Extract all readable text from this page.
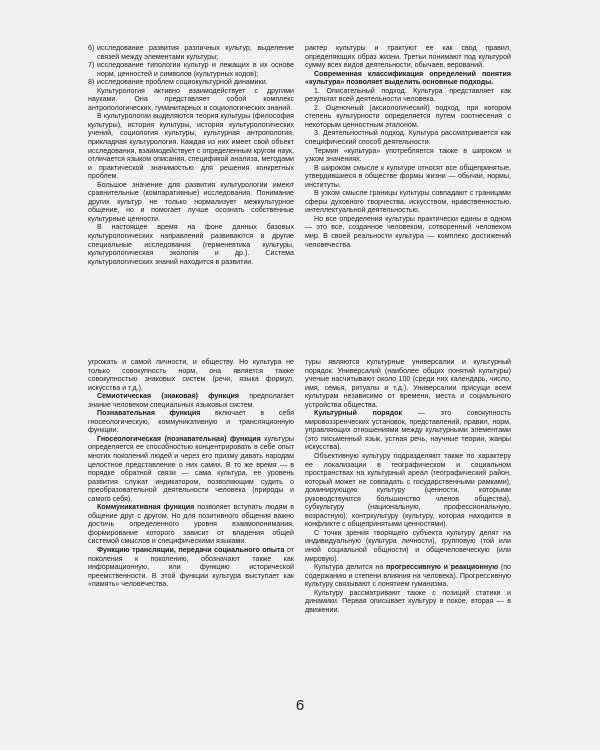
6) исследование развития различных культур, выделение связей между элементами культуры;
7) исследование типологии культур и лежащих в их основе норм, ценностей и символов (культурных кодов);
8) исследование проблем социокультурной динамики.

Культурология активно взаимодействует с другими науками. Она представляет собой комплекс антропологических, гуманитарных и социологических знаний.

В культурологии выделяются теория культуры (философия культуры), история культуры, история культурологических учений, социология культуры, культурная антропология, прикладная культурология. Каждая из них имеет свой объект исследования, взаимодействует с определенным кругом наук, отличается языком описания, спецификой анализа, методами и практической значимостью для решения конкретных проблем.

Большое значение для развития культурологии имеют сравнительные (компаративные) исследования. Понимание других культур не только нормализует межкультурное общение, но и помогает лучше осознать собственные культурные ценности.

В настоящее время на фоне данных базовых культурологических направлений развиваются и другие специальные исследования (герменевтика культуры, культурологическая экология и др.). Система культурологических знаний находится в развитии.

рактер культуры и трактуют ее как свод правил, определяющих образ жизни. Третьи понимают под культурой сумму всех видов деятельности, обычаев, верований.

Современная классификация определений понятия «культура» позволяет выделить основные подходы.

1. Описательный подход. Культура представляет как результат всей деятельности человека.

2. Оценочный (аксиологический) подход, при котором степень культурности определяется путем соотнесения с некоторым ценностным эталоном.

3. Деятельностный подход. Культура рассматривается как специфический способ деятельности.

Термин «культура» употребляется также в широком и узком значениях.

В широком смысле к культуре относят все общепринятые, утвердившиеся в обществе формы жизни — обычаи, нормы, институты.

В узком смысле границы культуры совпадают с границами сферы духовного творчества, искусством, нравственностью, интеллектуальной деятельностью.

Но все определения культуры практически едины в одном — это все, созданное человеком, сотворенный человеком мир. В своей реальности культура — комплекс достижений человечества.

угрожать и самой личности, и обществу. Но культура не только совокупность норм, она является также совокупностью знаковых систем (речи, языка формул, искусства и т.д.).

Семиотическая (знаковая) функция предполагает знание человеком специальных языковых систем.

Познавательная функция включает в себя гносеологическую, коммуникативную и трансляционную функции.

Гносеологическая (познавательная) функция культуры определяется ее способностью концентрировать в себе опыт многих поколений людей и через его призму давать народам целостное представление о них самих. В то же время — в порядке обратной связи — сама культура, ее уровень развития служат индикатором, позволяющим судить о преобразовательной деятельности человека (природы и самого себя).

Коммуникативная функция позволяет вступать людям в общение друг с другом. Но для позитивного общения важно достичь определенного уровня взаимопонимания, формирование которого зависит от владения общей системой смыслов и специфическими языками.

Функцию трансляции, передачи социального опыта от поколения к поколению, обозначают также как информационную, или функцию исторической преемственности. В этой функции культура выступает как «память» человечества.

туры являются культурные универсалии и культурный порядок. Универсалий (наиболее общих понятий культуры) ученые насчитывают около 100 (среди них календарь, число, имя, семья, ритуалы и т.д.). Универсалии присущи всем культурам независимо от времени, места и социального устройства общества.

Культурный порядок — это совокупность мировоззренческих установок, представлений, правил, норм, управляющих отношениями между культурными элементами (это письменный язык, устная речь, научные теории, жанры искусства).

Объективную культуру подразделяют также по характеру ее локализации в географическом и социальном пространствах на культурный ареал (географический район, который может не совпадать с государственными рамками), доминирующую культуру (ценности, которыми руководствуются большинство членов общества), субкультуру (национальную, профессиональную, возрастную), контркультуру (культуру, которая находится в конфликте с общепринятыми ценностями).

С точки зрения творящего субъекта культуру делят на индивидуальную (культура личности), групповую (той или иной социальной общности) и общечеловеческую (или мировую).

Культура делится на прогрессивную и реакционную (по содержанию и степени влияния на человека). Прогрессивную культуру связывают с понятием гуманизма.

Культуру рассматривают также с позиций статики и динамики. Первая описывает культуру в покое, вторая — в движении.

6
